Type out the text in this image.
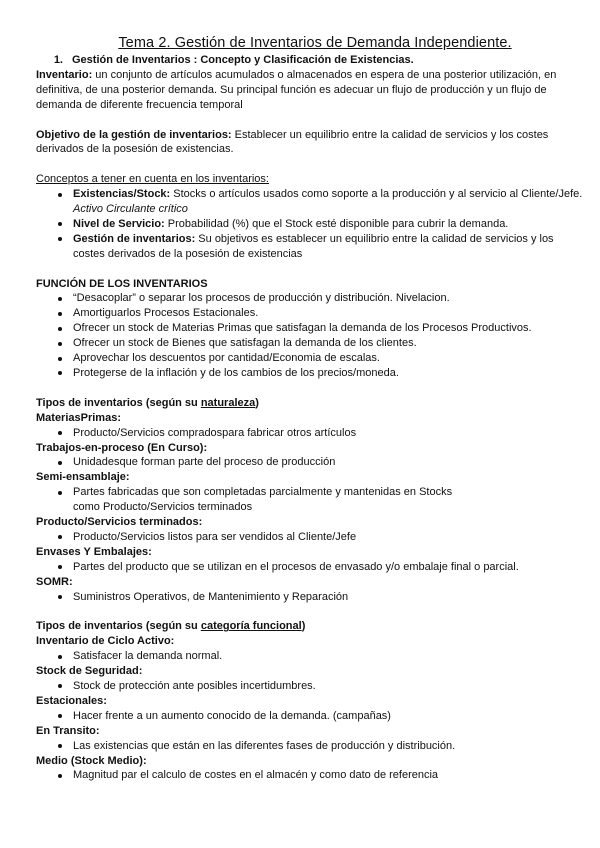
Tema 2. Gestión de Inventarios de Demanda Independiente.
1. Gestión de Inventarios : Concepto y Clasificación de Existencias.
Inventario: un conjunto de artículos acumulados o almacenados en espera de una posterior utilización, en definitiva, de una posterior demanda. Su principal función es adecuar un flujo de producción y un flujo de demanda de diferente frecuencia temporal
Objetivo de la gestión de inventarios: Establecer un equilibrio entre la calidad de servicios y los costes derivados de la posesión de existencias.
Conceptos a tener en cuenta en los inventarios:
Existencias/Stock: Stocks o artículos usados como soporte a la producción y al servicio al Cliente/Jefe. Activo Circulante crítico
Nivel de Servicio: Probabilidad (%) que el Stock esté disponible para cubrir la demanda.
Gestión de inventarios: Su objetivos es establecer un equilibrio entre la calidad de servicios y los costes derivados de la posesión de existencias
FUNCIÓN DE LOS INVENTARIOS
“Desacoplar” o separar los procesos de producción y distribución. Nivelacion.
Amortiguarlos Procesos Estacionales.
Ofrecer un stock de Materias Primas que satisfagan la demanda de los Procesos Productivos.
Ofrecer un stock de Bienes que satisfagan la demanda de los clientes.
Aprovechar los descuentos por cantidad/Economia de escalas.
Protegerse de la inflación y de los cambios de los precios/moneda.
Tipos de inventarios (según su naturaleza)
MateriasPrimas:
Producto/Servicios compradospara fabricar otros artículos
Trabajos-en-proceso (En Curso):
Unidadesque forman parte del proceso de producción
Semi-ensamblaje:
Partes fabricadas que son completadas parcialmente y mantenidas en Stocks como Producto/Servicios terminados
Producto/Servicios terminados:
Producto/Servicios listos para ser vendidos al Cliente/Jefe
Envases Y Embalajes:
Partes del producto que se utilizan en el procesos de envasado y/o embalaje final o parcial.
SOMR:
Suministros Operativos, de Mantenimiento y Reparación
Tipos de inventarios (según su categoría funcional)
Inventario de Ciclo Activo:
Satisfacer la demanda normal.
Stock de Seguridad:
Stock de protección ante posibles incertidumbres.
Estacionales:
Hacer frente a un aumento conocido de la demanda. (campañas)
En Transito:
Las existencias que están en las diferentes fases de producción y distribución.
Medio (Stock Medio):
Magnitud par el calculo de costes en el almacén y como dato de referencia
